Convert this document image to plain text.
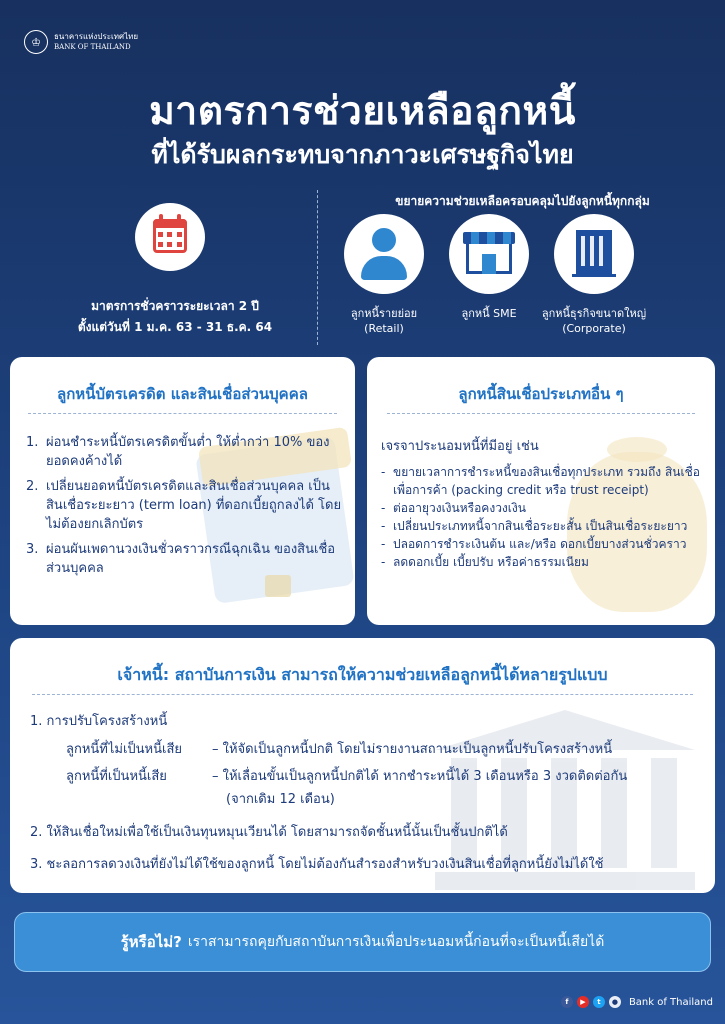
♔	ธนาคารแห่งประเทศไทย
BANK OF THAILAND
มาตรการช่วยเหลือลูกหนี้
ที่ได้รับผลกระทบจากภาวะเศรษฐกิจไทย
มาตรการชั่วคราวระยะเวลา 2 ปี
ตั้งแต่วันที่ 1 ม.ค. 63 - 31 ธ.ค. 64
ขยายความช่วยเหลือครอบคลุมไปยังลูกหนี้ทุกกลุ่ม
ลูกหนี้รายย่อย
(Retail)
ลูกหนี้ SME	ลูกหนี้ธุรกิจขนาดใหญ่
(Corporate)
ลูกหนี้บัตรเครดิต และสินเชื่อส่วนบุคคล
1. ผ่อนชำระหนี้บัตรเครดิตขั้นต่ำ ให้ต่ำกว่า 10% ของยอดคงค้างได้
2. เปลี่ยนยอดหนี้บัตรเครดิตและสินเชื่อส่วนบุคคล เป็นสินเชื่อระยะยาว (term loan) ที่ดอกเบี้ยถูกลงได้ โดยไม่ต้องยกเลิกบัตร
3. ผ่อนผันเพดานวงเงินชั่วคราวกรณีฉุกเฉิน ของสินเชื่อส่วนบุคคล
ลูกหนี้สินเชื่อประเภทอื่น ๆ
เจรจาประนอมหนี้ที่มีอยู่ เช่น
- ขยายเวลาการชำระหนี้ของสินเชื่อทุกประเภท รวมถึง สินเชื่อเพื่อการค้า (packing credit หรือ trust receipt)
- ต่ออายุวงเงินหรือคงวงเงิน
- เปลี่ยนประเภทหนี้จากสินเชื่อระยะสั้น เป็นสินเชื่อระยะยาว
- ปลอดการชำระเงินต้น และ/หรือ ดอกเบี้ยบางส่วนชั่วคราว
- ลดดอกเบี้ย เบี้ยปรับ หรือค่าธรรมเนียม
เจ้าหนี้: สถาบันการเงิน สามารถให้ความช่วยเหลือลูกหนี้ได้หลายรูปแบบ
1. การปรับโครงสร้างหนี้
ลูกหนี้ที่ไม่เป็นหนี้เสีย – ให้จัดเป็นลูกหนี้ปกติ โดยไม่รายงานสถานะเป็นลูกหนี้ปรับโครงสร้างหนี้
ลูกหนี้ที่เป็นหนี้เสีย	– ให้เลื่อนขั้นเป็นลูกหนี้ปกติได้ หากชำระหนี้ได้ 3 เดือนหรือ 3 งวดติดต่อกัน
(จากเดิม 12 เดือน)
2. ให้สินเชื่อใหม่เพื่อใช้เป็นเงินทุนหมุนเวียนได้ โดยสามารถจัดชั้นหนี้นั้นเป็นชั้นปกติได้
3. ชะลอการลดวงเงินที่ยังไม่ได้ใช้ของลูกหนี้ โดยไม่ต้องกันสำรองสำหรับวงเงินสินเชื่อที่ลูกหนี้ยังไม่ได้ใช้
รู้หรือไม่? เราสามารถคุยกับสถาบันการเงินเพื่อประนอมหนี้ก่อนที่จะเป็นหนี้เสียได้
f	▶	t	● Bank of Thailand
